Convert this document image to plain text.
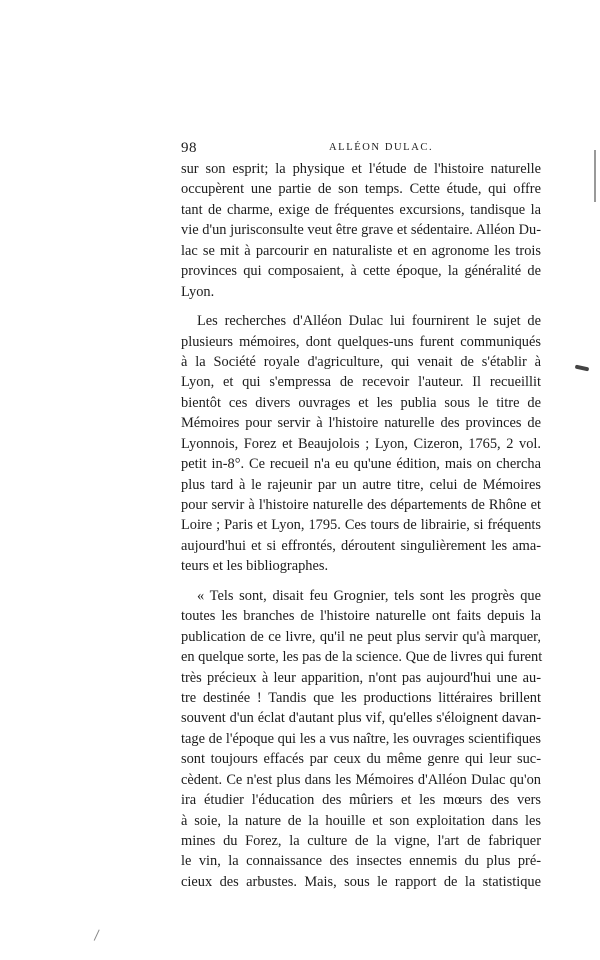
98	ALLÉON DULAC.
sur son esprit; la physique et l'étude de l'histoire naturelle
occupèrent une partie de son temps. Cette étude, qui offre
tant de charme, exige de fréquentes excursions, tandisque la
vie d'un jurisconsulte veut être grave et sédentaire. Alléon Du-
lac se mit à parcourir en naturaliste et en agronome les trois
provinces qui composaient, à cette époque, la généralité de
Lyon.
Les recherches d'Alléon Dulac lui fournirent le sujet de
plusieurs mémoires, dont quelques-uns furent communiqués
à la Société royale d'agriculture, qui venait de s'établir à
Lyon, et qui s'empressa de recevoir l'auteur. Il recueillit
bientôt ces divers ouvrages et les publia sous le titre de
Mémoires pour servir à l'histoire naturelle des provinces de
Lyonnois, Forez et Beaujolois ; Lyon, Cizeron, 1765, 2 vol.
petit in-8°. Ce recueil n'a eu qu'une édition, mais on chercha
plus tard à le rajeunir par un autre titre, celui de Mémoires
pour servir à l'histoire naturelle des départements de Rhône et
Loire ; Paris et Lyon, 1795. Ces tours de librairie, si fréquents
aujourd'hui et si effrontés, déroutent singulièrement les ama-
teurs et les bibliographes.
« Tels sont, disait feu Grognier, tels sont les progrès que
toutes les branches de l'histoire naturelle ont faits depuis la
publication de ce livre, qu'il ne peut plus servir qu'à marquer,
en quelque sorte, les pas de la science. Que de livres qui furent
très précieux à leur apparition, n'ont pas aujourd'hui une au-
tre destinée ! Tandis que les productions littéraires brillent
souvent d'un éclat d'autant plus vif, qu'elles s'éloignent davan-
tage de l'époque qui les a vus naître, les ouvrages scientifiques
sont toujours effacés par ceux du même genre qui leur suc-
cèdent. Ce n'est plus dans les Mémoires d'Alléon Dulac qu'on
ira étudier l'éducation des mûriers et les mœurs des vers
à soie, la nature de la houille et son exploitation dans les
mines du Forez, la culture de la vigne, l'art de fabriquer
le vin, la connaissance des insectes ennemis du plus pré-
cieux des arbustes. Mais, sous le rapport de la statistique
